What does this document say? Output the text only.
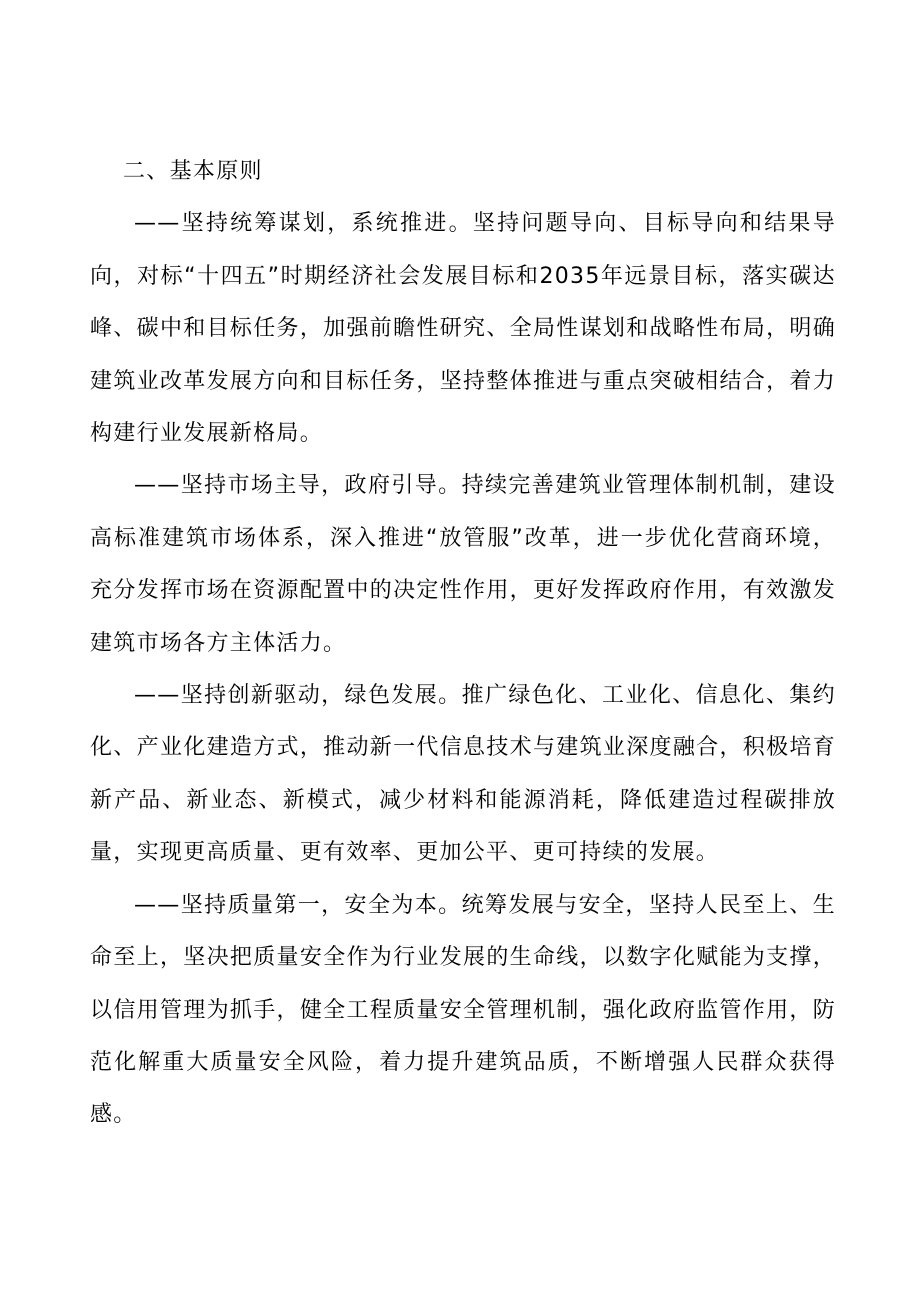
二、基本原则

——坚持统筹谋划，系统推进。坚持问题导向、目标导向和结果导向，对标“十四五”时期经济社会发展目标和2035年远景目标，落实碳达峰、碳中和目标任务，加强前瞻性研究、全局性谋划和战略性布局，明确建筑业改革发展方向和目标任务，坚持整体推进与重点突破相结合，着力构建行业发展新格局。

——坚持市场主导，政府引导。持续完善建筑业管理体制机制，建设高标准建筑市场体系，深入推进“放管服”改革，进一步优化营商环境，充分发挥市场在资源配置中的决定性作用，更好发挥政府作用，有效激发建筑市场各方主体活力。

——坚持创新驱动，绿色发展。推广绿色化、工业化、信息化、集约化、产业化建造方式，推动新一代信息技术与建筑业深度融合，积极培育新产品、新业态、新模式，减少材料和能源消耗，降低建造过程碳排放量，实现更高质量、更有效率、更加公平、更可持续的发展。

——坚持质量第一，安全为本。统筹发展与安全，坚持人民至上、生命至上，坚决把质量安全作为行业发展的生命线，以数字化赋能为支撑，以信用管理为抓手，健全工程质量安全管理机制，强化政府监管作用，防范化解重大质量安全风险，着力提升建筑品质，不断增强人民群众获得感。
